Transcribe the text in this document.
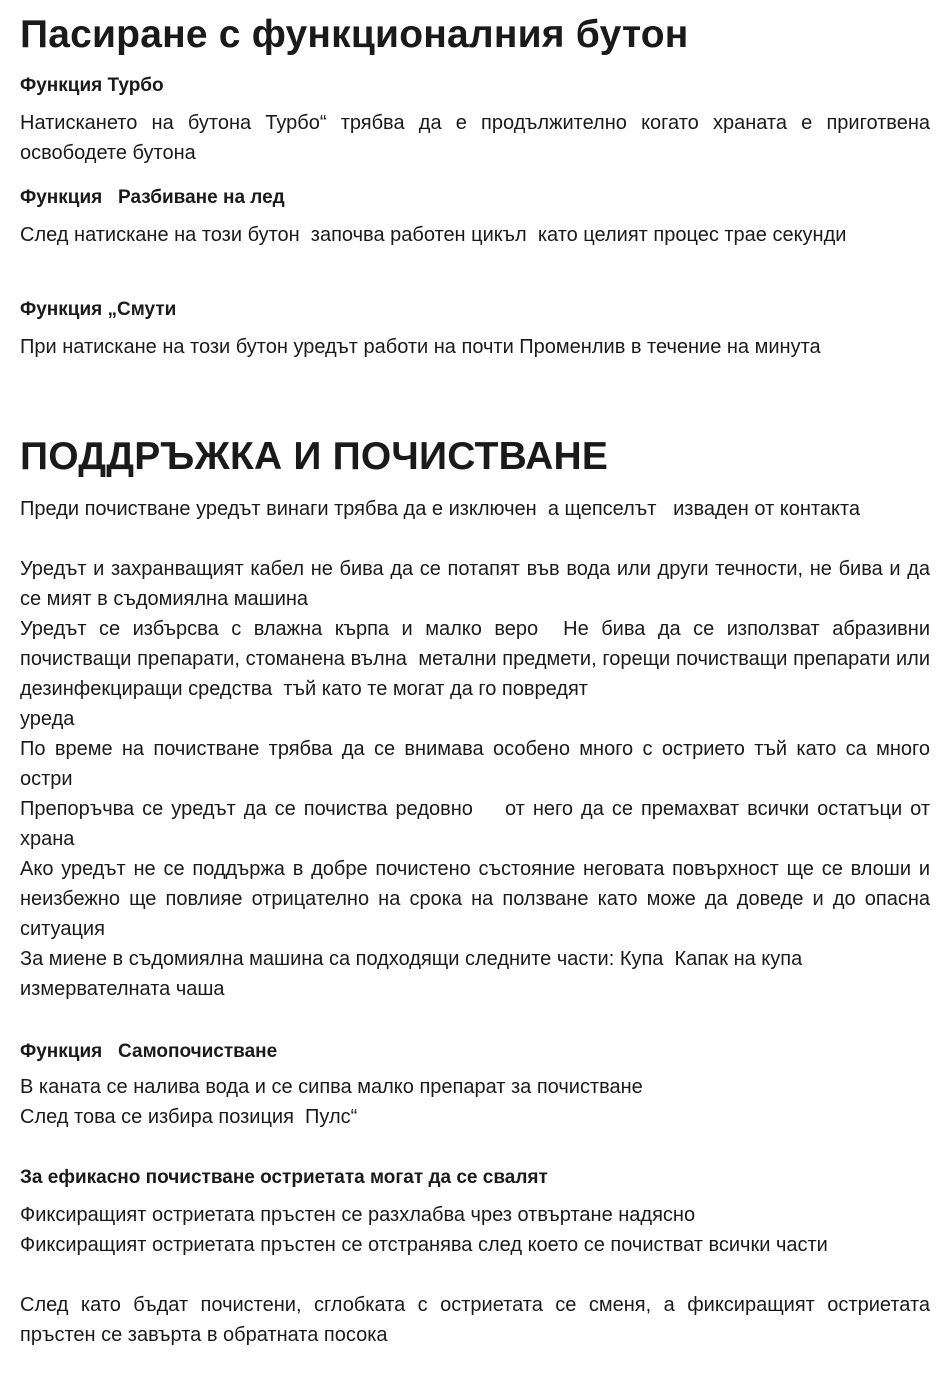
Пасиране с функционалния бутон
Функция Турбо

Натискането на бутона Турбо“ трябва да е продължително когато храната е приготвена освободете бутона

Функция   Разбиване на лед

След натискане на този бутон  започва работен цикъл  като целият процес трае секунди

Функция „Смути

При натискане на този бутон уредът работи на почти Променлив в течение на минута

ПОДДРЪЖКА И ПОЧИСТВАНЕ

Преди почистване уредът винаги трябва да е изключен  а щепселът   изваден от контакта

Уредът и захранващият кабел не бива да се потапят във вода или други течности, не бива и да се мият в съдомиялна машина

Уредът се избърсва с влажна кърпа и малко веро  Не бива да се използват абразивни почистващи препарати, стоманена вълна  метални предмети, горещи почистващи препарати или дезинфекциращи средства  тъй като те могат да го повредят

уреда

По време на почистване трябва да се внимава особено много с острието тъй като са много остри

Препоръчва се уредът да се почиства редовно    от него да се премахват всички остатъци от храна

Ако уредът не се поддържа в добре почистено състояние неговата повърхност ще се влоши и неизбежно ще повлияе отрицателно на срока на ползване като може да доведе и до опасна ситуация

За миене в съдомиялна машина са подходящи следните части: Купа  Капак на купа измервателната чаша

Функция   Самопочистване

В каната се налива вода и се сипва малко препарат за почистване

След това се избира позиция  Пулс“

За ефикасно почистване остриетата могат да се свалят

Фиксиращият остриетата пръстен се разхлабва чрез отвъртане надясно

Фиксиращият остриетата пръстен се отстранява след което се почистват всички части

След като бъдат почистени, сглобката с остриетата се сменя, а фиксиращият остриетата пръстен се завърта в обратната посока
